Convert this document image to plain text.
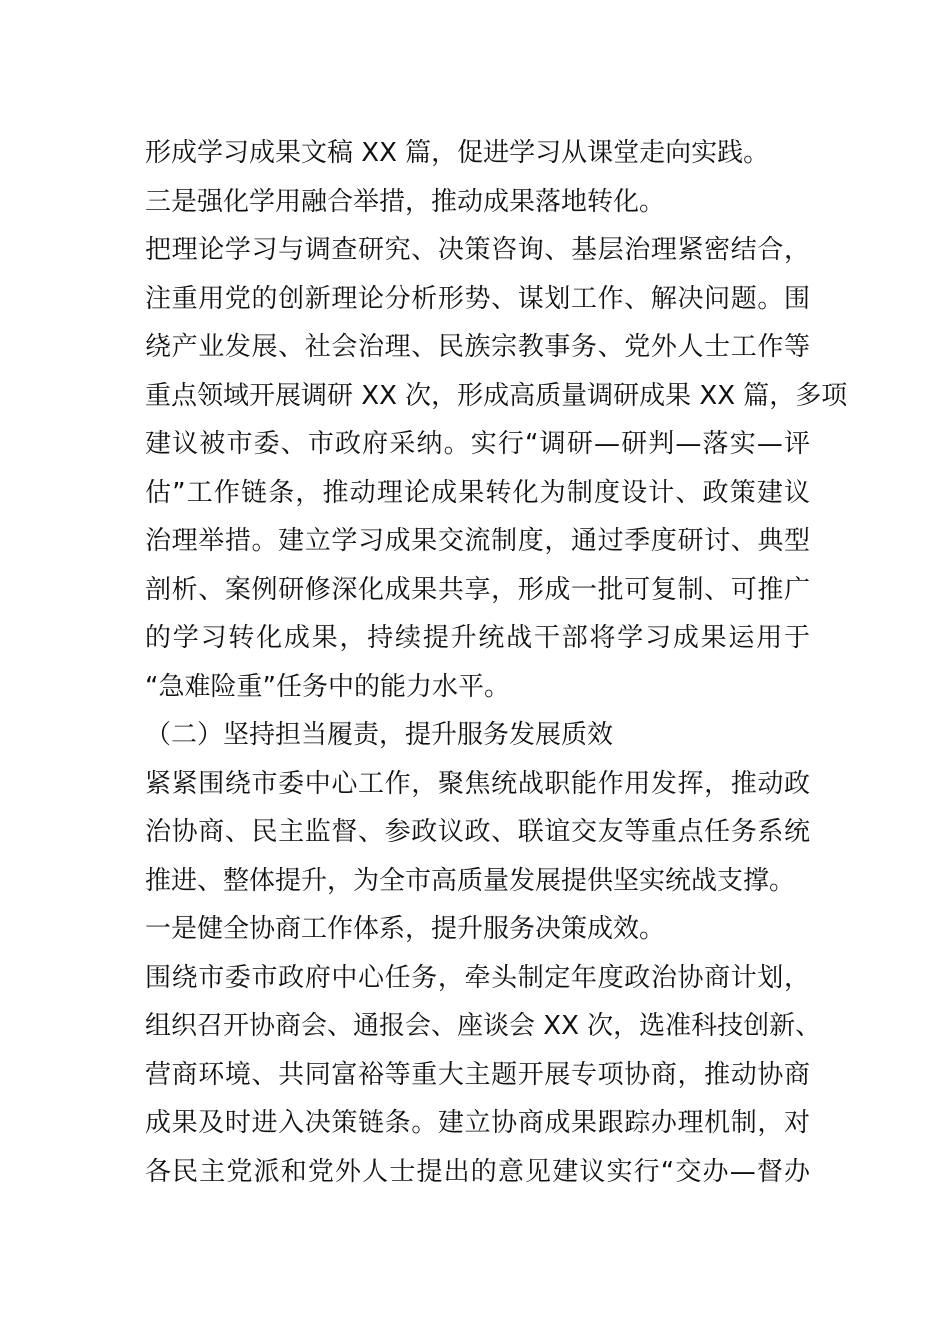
形成学习成果文稿 XX 篇，促进学习从课堂走向实践。
三是强化学用融合举措，推动成果落地转化。
把理论学习与调查研究、决策咨询、基层治理紧密结合，
注重用党的创新理论分析形势、谋划工作、解决问题。围
绕产业发展、社会治理、民族宗教事务、党外人士工作等
重点领域开展调研 XX 次，形成高质量调研成果 XX 篇，多项
建议被市委、市政府采纳。实行“调研—研判—落实—评
估”工作链条，推动理论成果转化为制度设计、政策建议
治理举措。建立学习成果交流制度，通过季度研讨、典型
剖析、案例研修深化成果共享，形成一批可复制、可推广
的学习转化成果，持续提升统战干部将学习成果运用于
“急难险重”任务中的能力水平。
（二）坚持担当履责，提升服务发展质效
紧紧围绕市委中心工作，聚焦统战职能作用发挥，推动政
治协商、民主监督、参政议政、联谊交友等重点任务系统
推进、整体提升，为全市高质量发展提供坚实统战支撑。
一是健全协商工作体系，提升服务决策成效。
围绕市委市政府中心任务，牵头制定年度政治协商计划，
组织召开协商会、通报会、座谈会 XX 次，选准科技创新、
营商环境、共同富裕等重大主题开展专项协商，推动协商
成果及时进入决策链条。建立协商成果跟踪办理机制，对
各民主党派和党外人士提出的意见建议实行“交办—督办
